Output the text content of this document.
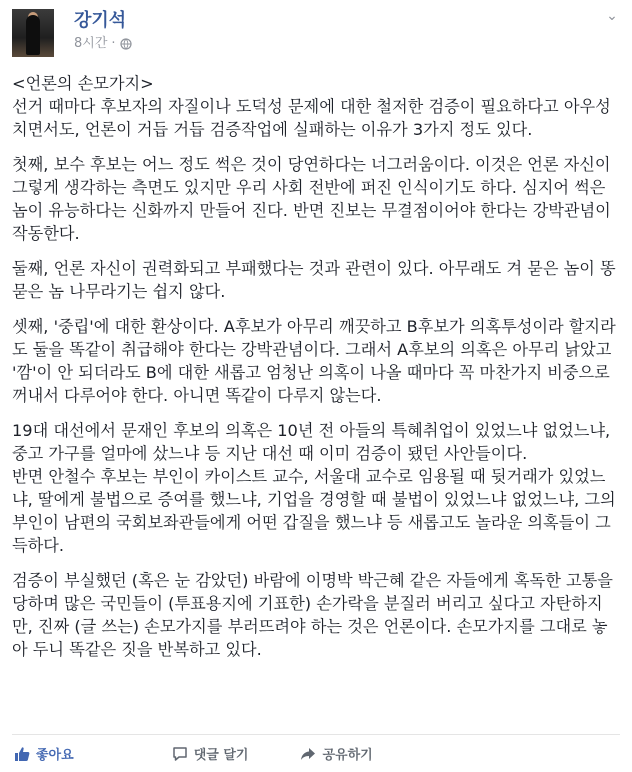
⌄
강기석
8시간 ·

<언론의 손모가지>

선거 때마다 후보자의 자질이나 도덕성 문제에 대한 철저한 검증이 필요하다고 아우성 치면서도, 언론이 거듭 거듭 검증작업에 실패하는 이유가 3가지 정도 있다.

첫째, 보수 후보는 어느 정도 썩은 것이 당연하다는 너그러움이다. 이것은 언론 자신이 그렇게 생각하는 측면도 있지만 우리 사회 전반에 퍼진 인식이기도 하다. 심지어 썩은 놈이 유능하다는 신화까지 만들어 진다. 반면 진보는 무결점이어야 한다는 강박관념이 작동한다.

둘째, 언론 자신이 권력화되고 부패했다는 것과 관련이 있다. 아무래도 겨 묻은 놈이 똥 묻은 놈 나무라기는 쉽지 않다.

셋째, '중립'에 대한 환상이다. A후보가 아무리 깨끗하고 B후보가 의혹투성이라 할지라도 둘을 똑같이 취급해야 한다는 강박관념이다. 그래서 A후보의 의혹은 아무리 낡았고 '깜'이 안 되더라도 B에 대한 새롭고 엄청난 의혹이 나올 때마다 꼭 마찬가지 비중으로 꺼내서 다루어야 한다. 아니면 똑같이 다루지 않는다.

19대 대선에서 문재인 후보의 의혹은 10년 전 아들의 특혜취업이 있었느냐 없었느냐, 중고 가구를 얼마에 샀느냐 등 지난 대선 때 이미 검증이 됐던 사안들이다.

반면 안철수 후보는 부인이 카이스트 교수, 서울대 교수로 임용될 때 뒷거래가 있었느냐, 딸에게 불법으로 증여를 했느냐, 기업을 경영할 때 불법이 있었느냐 없었느냐, 그의 부인이 남편의 국회보좌관들에게 어떤 갑질을 했느냐 등 새롭고도 놀라운 의혹들이 그득하다.

검증이 부실했던 (혹은 눈 감았던) 바람에 이명박 박근혜 같은 자들에게 혹독한 고통을 당하며 많은 국민들이 (투표용지에 기표한) 손가락을 분질러 버리고 싶다고 자탄하지만, 진짜 (글 쓰는) 손모가지를 부러뜨려야 하는 것은 언론이다. 손모가지를 그대로 놓아 두니 똑같은 짓을 반복하고 있다.

좋아요	댓글 달기	공유하기
